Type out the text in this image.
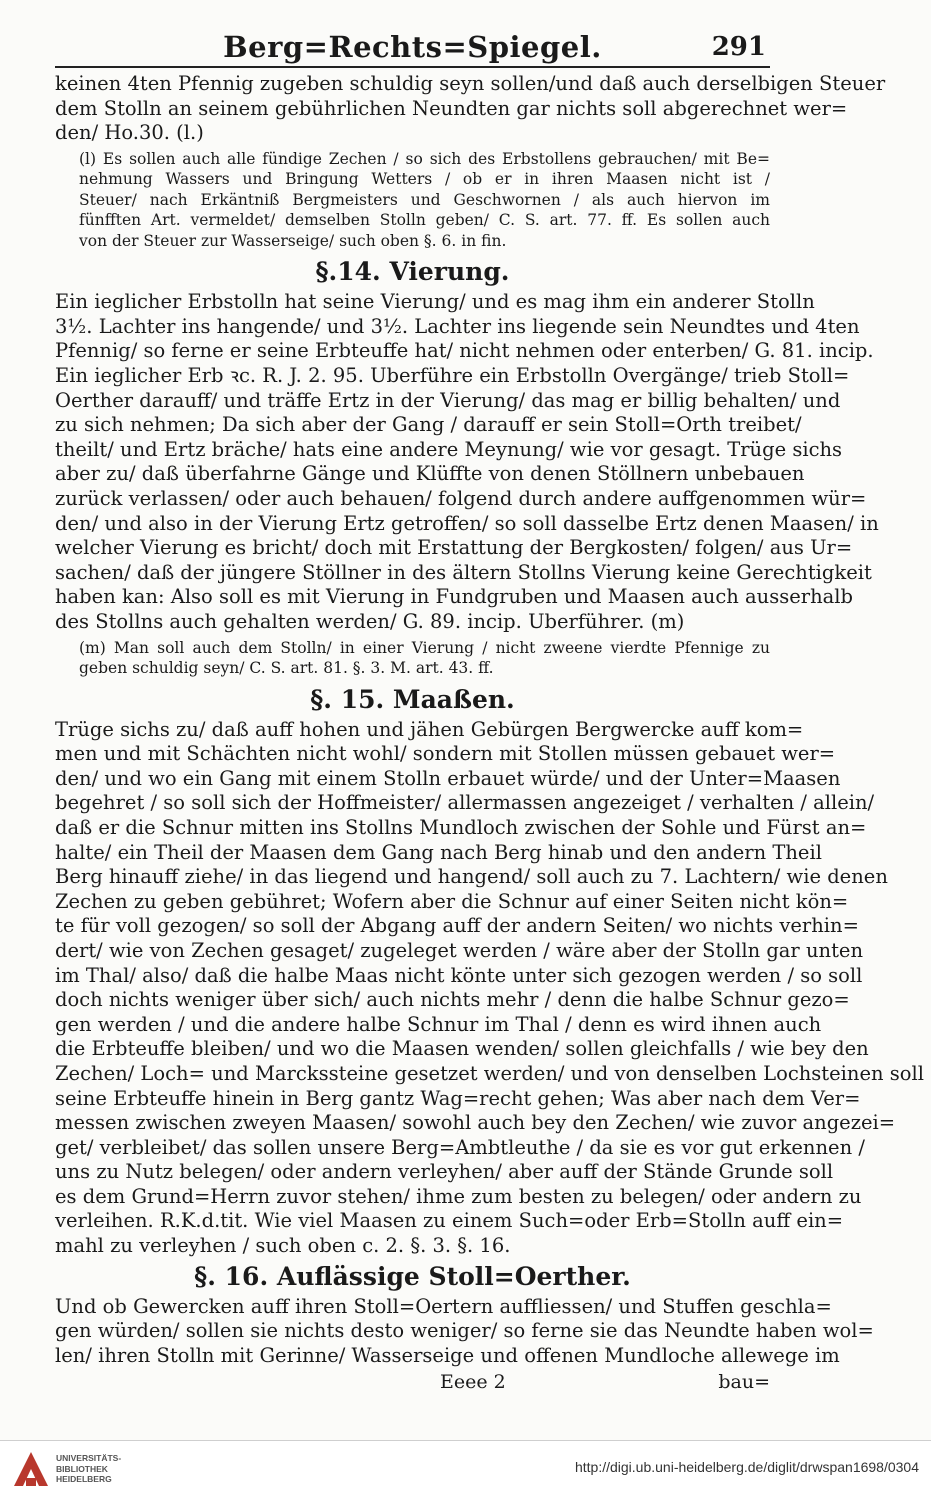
Berg=Rechts=Spiegel.	291
keinen 4ten Pfennig zugeben schuldig seyn sollen/und daß auch derselbigen Steuer
dem Stolln an seinem gebührlichen Neundten gar nichts soll abgerechnet wer=
den/ Ho.30. (l.)
(l) Es sollen auch alle fündige Zechen / so sich des Erbstollens gebrauchen/ mit Be=
nehmung Wassers und Bringung Wetters / ob er in ihren Maasen nicht ist /
Steuer/ nach Erkäntniß Bergmeisters und Geschwornen / als auch hiervon im
fünfften Art. vermeldet/ demselben Stolln geben/ C. S. art. 77. ff. Es sollen auch
von der Steuer zur Wasserseige/ such oben §. 6. in fin.
§.14. Vierung.
Ein ieglicher Erbstolln hat seine Vierung/ und es mag ihm ein anderer Stolln
3½. Lachter ins hangende/ und 3½. Lachter ins liegende sein Neundtes und 4ten
Pfennig/ so ferne er seine Erbteuffe hat/ nicht nehmen oder enterben/ G. 81. incip.
Ein ieglicher Erb ꝛc. R. J. 2. 95. Uberführe ein Erbstolln Overgänge/ trieb Stoll=
Oerther darauff/ und träffe Ertz in der Vierung/ das mag er billig behalten/ und
zu sich nehmen; Da sich aber der Gang / darauff er sein Stoll=Orth treibet/
theilt/ und Ertz bräche/ hats eine andere Meynung/ wie vor gesagt. Trüge sichs
aber zu/ daß überfahrne Gänge und Klüffte von denen Stöllnern unbebauen
zurück verlassen/ oder auch behauen/ folgend durch andere auffgenommen wür=
den/ und also in der Vierung Ertz getroffen/ so soll dasselbe Ertz denen Maasen/ in
welcher Vierung es bricht/ doch mit Erstattung der Bergkosten/ folgen/ aus Ur=
sachen/ daß der jüngere Stöllner in des ältern Stollns Vierung keine Gerechtigkeit
haben kan: Also soll es mit Vierung in Fundgruben und Maasen auch ausserhalb
des Stollns auch gehalten werden/ G. 89. incip. Uberführer. (m)
(m) Man soll auch dem Stolln/ in einer Vierung / nicht zweene vierdte Pfennige zu
geben schuldig seyn/ C. S. art. 81. §. 3. M. art. 43. ff.
§. 15. Maaßen.
Trüge sichs zu/ daß auff hohen und jähen Gebürgen Bergwercke auff kom=
men und mit Schächten nicht wohl/ sondern mit Stollen müssen gebauet wer=
den/ und wo ein Gang mit einem Stolln erbauet würde/ und der Unter=Maasen
begehret / so soll sich der Hoffmeister/ allermassen angezeiget / verhalten / allein/
daß er die Schnur mitten ins Stollns Mundloch zwischen der Sohle und Fürst an=
halte/ ein Theil der Maasen dem Gang nach Berg hinab und den andern Theil
Berg hinauff ziehe/ in das liegend und hangend/ soll auch zu 7. Lachtern/ wie denen
Zechen zu geben gebühret; Wofern aber die Schnur auf einer Seiten nicht kön=
te für voll gezogen/ so soll der Abgang auff der andern Seiten/ wo nichts verhin=
dert/ wie von Zechen gesaget/ zugeleget werden / wäre aber der Stolln gar unten
im Thal/ also/ daß die halbe Maas nicht könte unter sich gezogen werden / so soll
doch nichts weniger über sich/ auch nichts mehr / denn die halbe Schnur gezo=
gen werden / und die andere halbe Schnur im Thal / denn es wird ihnen auch
die Erbteuffe bleiben/ und wo die Maasen wenden/ sollen gleichfalls / wie bey den
Zechen/ Loch= und Marckssteine gesetzet werden/ und von denselben Lochsteinen soll
seine Erbteuffe hinein in Berg gantz Wag=recht gehen; Was aber nach dem Ver=
messen zwischen zweyen Maasen/ sowohl auch bey den Zechen/ wie zuvor angezei=
get/ verbleibet/ das sollen unsere Berg=Ambtleuthe / da sie es vor gut erkennen /
uns zu Nutz belegen/ oder andern verleyhen/ aber auff der Stände Grunde soll
es dem Grund=Herrn zuvor stehen/ ihme zum besten zu belegen/ oder andern zu
verleihen. R.K.d.tit. Wie viel Maasen zu einem Such=oder Erb=Stolln auff ein=
mahl zu verleyhen / such oben c. 2. §. 3. §. 16.
§. 16. Auflässige Stoll=Oerther.
Und ob Gewercken auff ihren Stoll=Oertern auffliessen/ und Stuffen geschla=
gen würden/ sollen sie nichts desto weniger/ so ferne sie das Neundte haben wol=
len/ ihren Stolln mit Gerinne/ Wasserseige und offenen Mundloche allewege im
Eeee 2	bau=
UNIVERSITÄTS-
BIBLIOTHEK
HEIDELBERG
http://digi.ub.uni-heidelberg.de/diglit/drwspan1698/0304
